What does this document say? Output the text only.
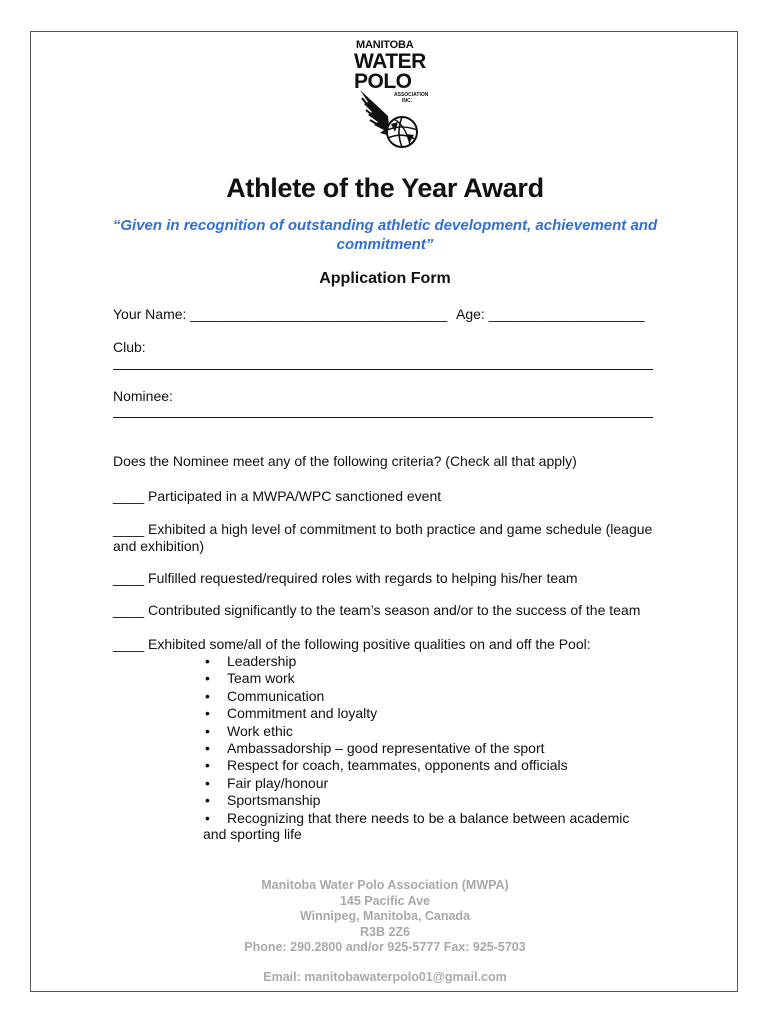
MANITOBA
WATER
POLO
ASSOCIATION
INC.
Athlete of the Year Award
“Given in recognition of outstanding athletic development, achievement and commitment”
Application Form
Your Name: _________________________________ Age: ____________________
Club:
Nominee:
Does the Nominee meet any of the following criteria? (Check all that apply)
____ Participated in a MWPA/WPC sanctioned event
____ Exhibited a high level of commitment to both practice and game schedule (league and exhibition)
____ Fulfilled requested/required roles with regards to helping his/her team
____ Contributed significantly to the team’s season and/or to the success of the team
____ Exhibited some/all of the following positive qualities on and off the Pool:
• Leadership
• Team work
• Communication
• Commitment and loyalty
• Work ethic
• Ambassadorship – good representative of the sport
• Respect for coach, teammates, opponents and officials
• Fair play/honour
• Sportsmanship
• Recognizing that there needs to be a balance between academic
and sporting life
Manitoba Water Polo Association (MWPA)
145 Pacific Ave
Winnipeg, Manitoba, Canada
R3B 2Z6
Phone: 290.2800 and/or 925-5777 Fax: 925-5703
Email: manitobawaterpolo01@gmail.com
